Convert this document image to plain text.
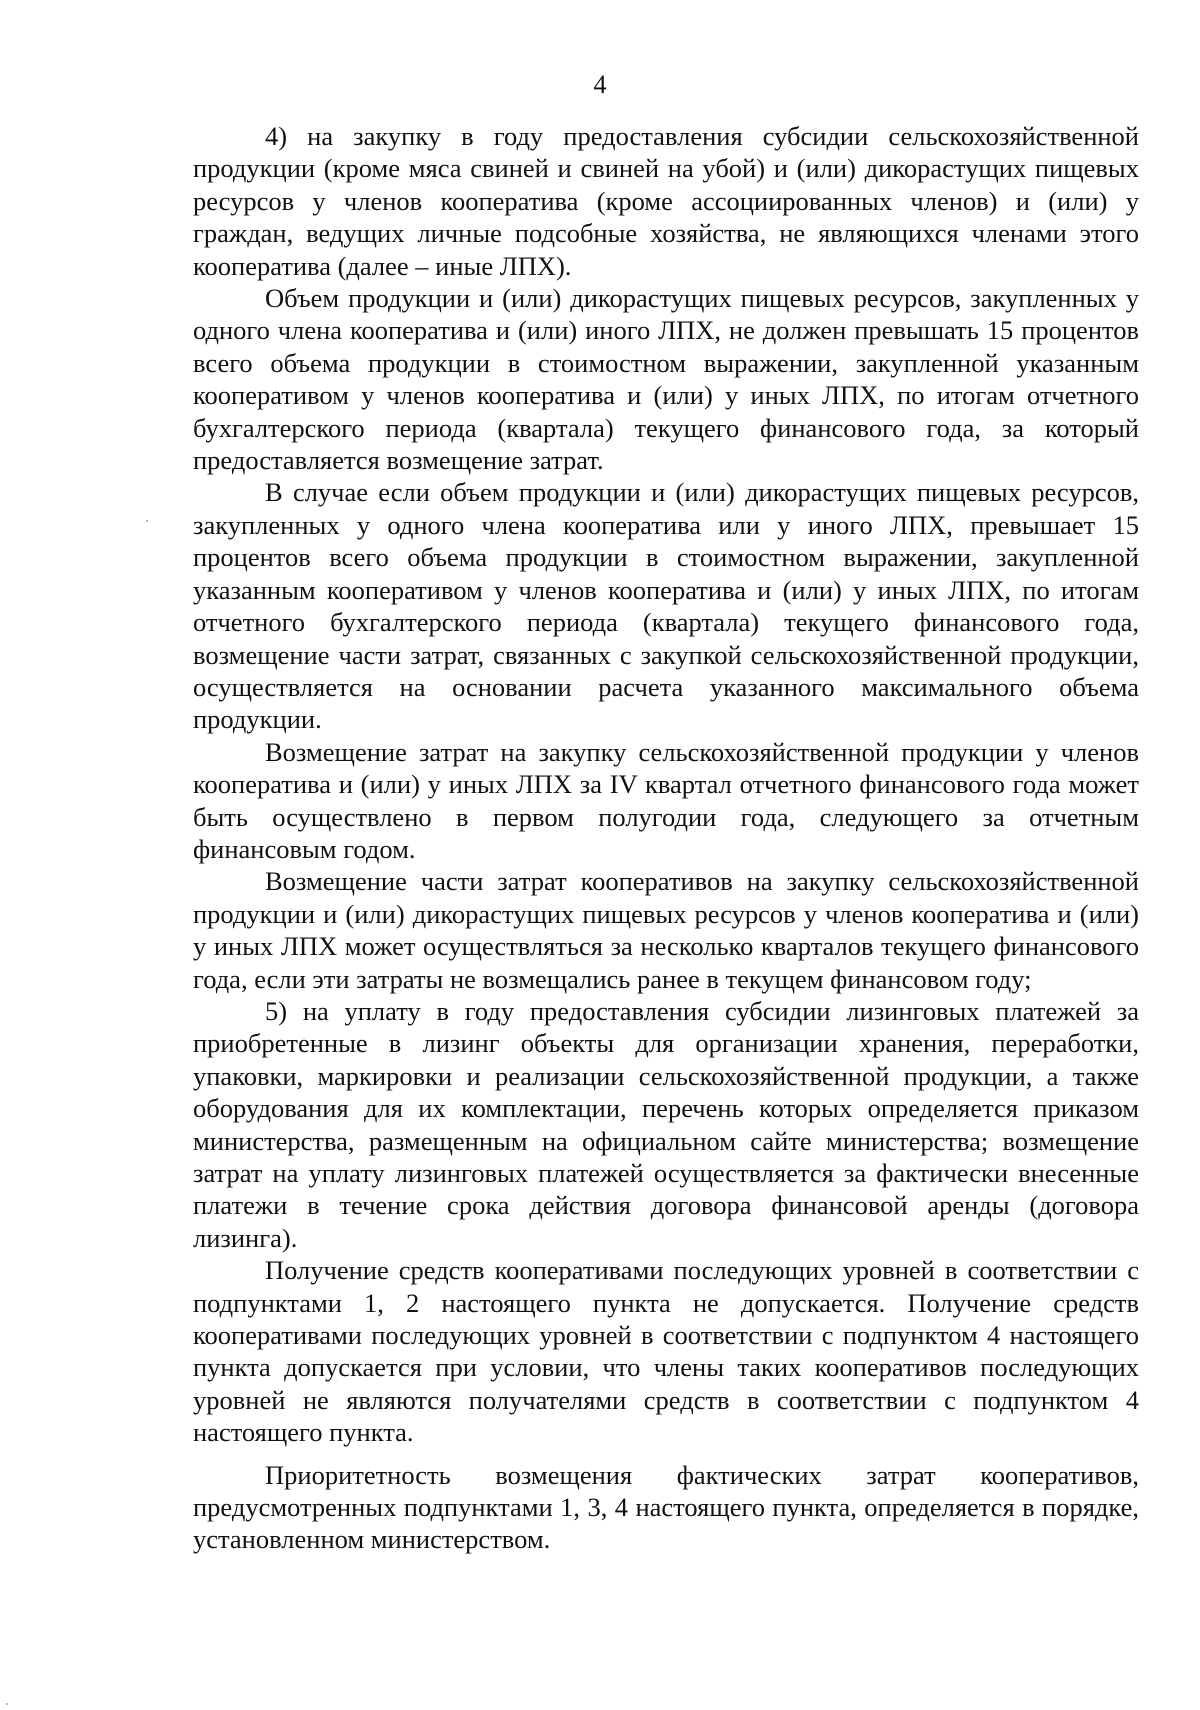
4

4) на закупку в году предоставления субсидии сельскохозяйственной продукции (кроме мяса свиней и свиней на убой) и (или) дикорастущих пищевых ресурсов у членов кооператива (кроме ассоциированных членов) и (или) у граждан, ведущих личные подсобные хозяйства, не являющихся членами этого кооператива (далее – иные ЛПХ).

Объем продукции и (или) дикорастущих пищевых ресурсов, закупленных у одного члена кооператива и (или) иного ЛПХ, не должен превышать 15 процентов всего объема продукции в стоимостном выражении, закупленной указанным кооперативом у членов кооператива и (или) у иных ЛПХ, по итогам отчетного бухгалтерского периода (квартала) текущего финансового года, за который предоставляется возмещение затрат.

В случае если объем продукции и (или) дикорастущих пищевых ресурсов, закупленных у одного члена кооператива или у иного ЛПХ, превышает 15 процентов всего объема продукции в стоимостном выражении, закупленной указанным кооперативом у членов кооператива и (или) у иных ЛПХ, по итогам отчетного бухгалтерского периода (квартала) текущего финансового года, возмещение части затрат, связанных с закупкой сельскохозяйственной продукции, осуществляется на основании расчета указанного максимального объема продукции.

Возмещение затрат на закупку сельскохозяйственной продукции у членов кооператива и (или) у иных ЛПХ за IV квартал отчетного финансового года может быть осуществлено в первом полугодии года, следующего за отчетным финансовым годом.

Возмещение части затрат кооперативов на закупку сельскохозяйственной продукции и (или) дикорастущих пищевых ресурсов у членов кооператива и (или) у иных ЛПХ может осуществляться за несколько кварталов текущего финансового года, если эти затраты не возмещались ранее в текущем финансовом году;

5) на уплату в году предоставления субсидии лизинговых платежей за приобретенные в лизинг объекты для организации хранения, переработки, упаковки, маркировки и реализации сельскохозяйственной продукции, а также оборудования для их комплектации, перечень которых определяется приказом министерства, размещенным на официальном сайте министерства; возмещение затрат на уплату лизинговых платежей осуществляется за фактически внесенные платежи в течение срока действия договора финансовой аренды (договора лизинга).

Получение средств кооперативами последующих уровней в соответствии с подпунктами 1, 2 настоящего пункта не допускается. Получение средств кооперативами последующих уровней в соответствии с подпунктом 4 настоящего пункта допускается при условии, что члены таких кооперативов последующих уровней не являются получателями средств в соответствии с подпунктом 4 настоящего пункта.

Приоритетность возмещения фактических затрат кооперативов, предусмотренных подпунктами 1, 3, 4 настоящего пункта, определяется в порядке, установленном министерством.
